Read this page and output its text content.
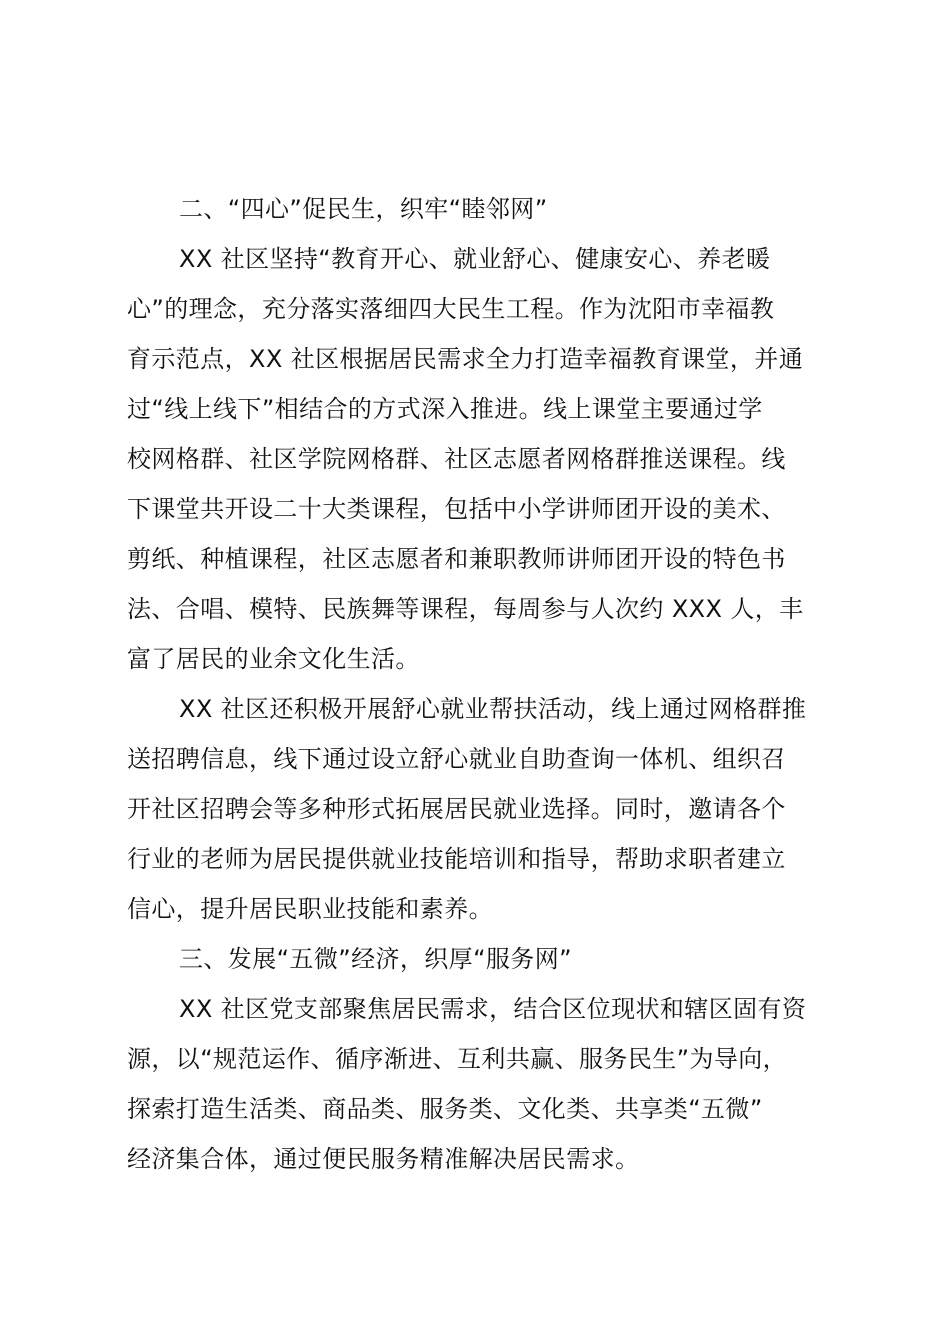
二、“四心”促民生，织牢“睦邻网”
XX 社区坚持“教育开心、就业舒心、健康安心、养老暖
心”的理念，充分落实落细四大民生工程。作为沈阳市幸福教
育示范点，XX 社区根据居民需求全力打造幸福教育课堂，并通
过“线上线下”相结合的方式深入推进。线上课堂主要通过学
校网格群、社区学院网格群、社区志愿者网格群推送课程。线
下课堂共开设二十大类课程，包括中小学讲师团开设的美术、
剪纸、种植课程，社区志愿者和兼职教师讲师团开设的特色书
法、合唱、模特、民族舞等课程，每周参与人次约 XXX 人，丰
富了居民的业余文化生活。
XX 社区还积极开展舒心就业帮扶活动，线上通过网格群推
送招聘信息，线下通过设立舒心就业自助查询一体机、组织召
开社区招聘会等多种形式拓展居民就业选择。同时，邀请各个
行业的老师为居民提供就业技能培训和指导，帮助求职者建立
信心，提升居民职业技能和素养。
三、发展“五微”经济，织厚“服务网”
XX 社区党支部聚焦居民需求，结合区位现状和辖区固有资
源，以“规范运作、循序渐进、互利共赢、服务民生”为导向，
探索打造生活类、商品类、服务类、文化类、共享类“五微”
经济集合体，通过便民服务精准解决居民需求。
